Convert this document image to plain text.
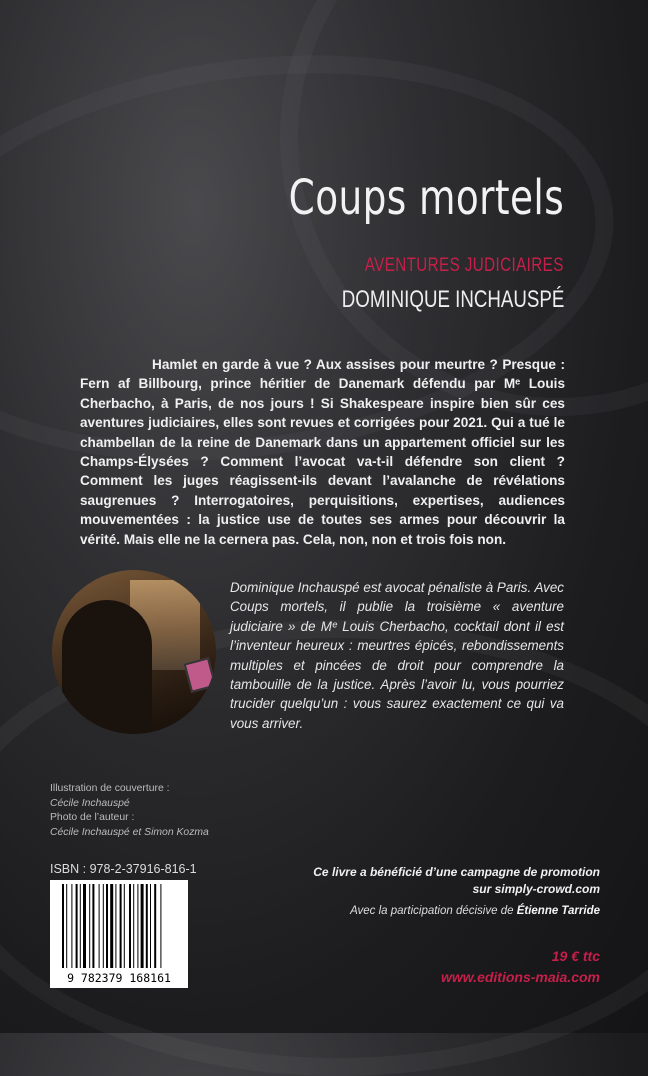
Coups mortels
AVENTURES JUDICIAIRES
DOMINIQUE INCHAUSPÉ

Hamlet en garde à vue ? Aux assises pour meurtre ? Presque : Fern af Billbourg, prince héritier de Danemark défendu par Mᵉ Louis Cherbacho, à Paris, de nos jours ! Si Shakespeare inspire bien sûr ces aventures judiciaires, elles sont revues et corrigées pour 2021. Qui a tué le chambellan de la reine de Danemark dans un appartement officiel sur les Champs-Élysées ? Comment l’avocat va-t-il défendre son client ? Comment les juges réagissent-ils devant l’avalanche de révélations saugrenues ? Interrogatoires, perquisitions, expertises, audiences mouvementées : la justice use de toutes ses armes pour découvrir la vérité. Mais elle ne la cernera pas. Cela, non, non et trois fois non.

Dominique Inchauspé est avocat pénaliste à Paris. Avec Coups mortels, il publie la troisième « aventure judiciaire » de Mᵉ Louis Cherbacho, cocktail dont il est l’inventeur heureux : meurtres épicés, rebondissements multiples et pincées de droit pour comprendre la tambouille de la justice. Après l’avoir lu, vous pourriez trucider quelqu’un : vous saurez exactement ce qui va vous arriver.

Illustration de couverture :
Cécile Inchauspé
Photo de l’auteur :
Cécile Inchauspé et Simon Kozma
ISBN : 978-2-37916-816-1
9 782379 168161
Ce livre a bénéficié d’une campagne de promotion
sur simply-crowd.com
Avec la participation décisive de Étienne Tarride
19 € ttc
www.editions-maia.com
